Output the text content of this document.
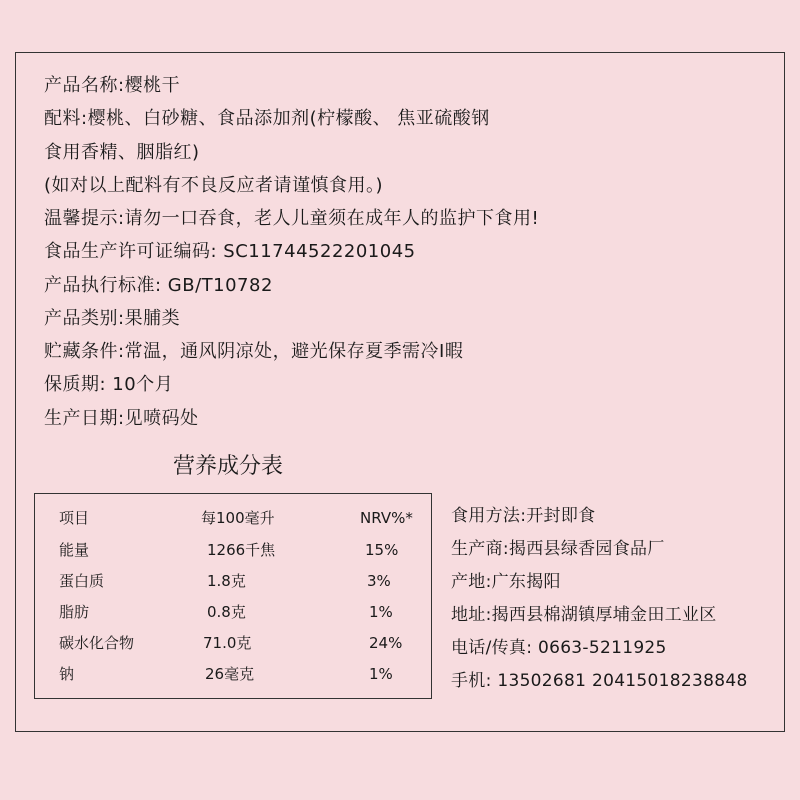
产品名称:樱桃干
配料:樱桃、白砂糖、食品添加剂(柠檬酸、 焦亚硫酸钢
食用香精、胭脂红)
(如对以上配料有不良反应者请谨慎食用。)
温馨提示:请勿一口吞食，老人儿童须在成年人的监护下食用!
食品生产许可证编码: SC11744522201045
产品执行标准: GB/T10782
产品类别:果脯类
贮藏条件:常温，通风阴凉处，避光保存夏季需冷I暇
保质期: 10个月
生产日期:见喷码处
营养成分表
项目	每100毫升	NRV%*
能量	1266千焦	15%
蛋白质	1.8克	3%
脂肪	0.8克	1%
碳水化合物	71.0克	24%
钠	26毫克	1%
食用方法:开封即食
生产商:揭西县绿香园食品厂
产地:广东揭阳
地址:揭西县棉湖镇厚埔金田工业区
电话/传真: 0663-5211925
手机: 13502681 20415018238848
